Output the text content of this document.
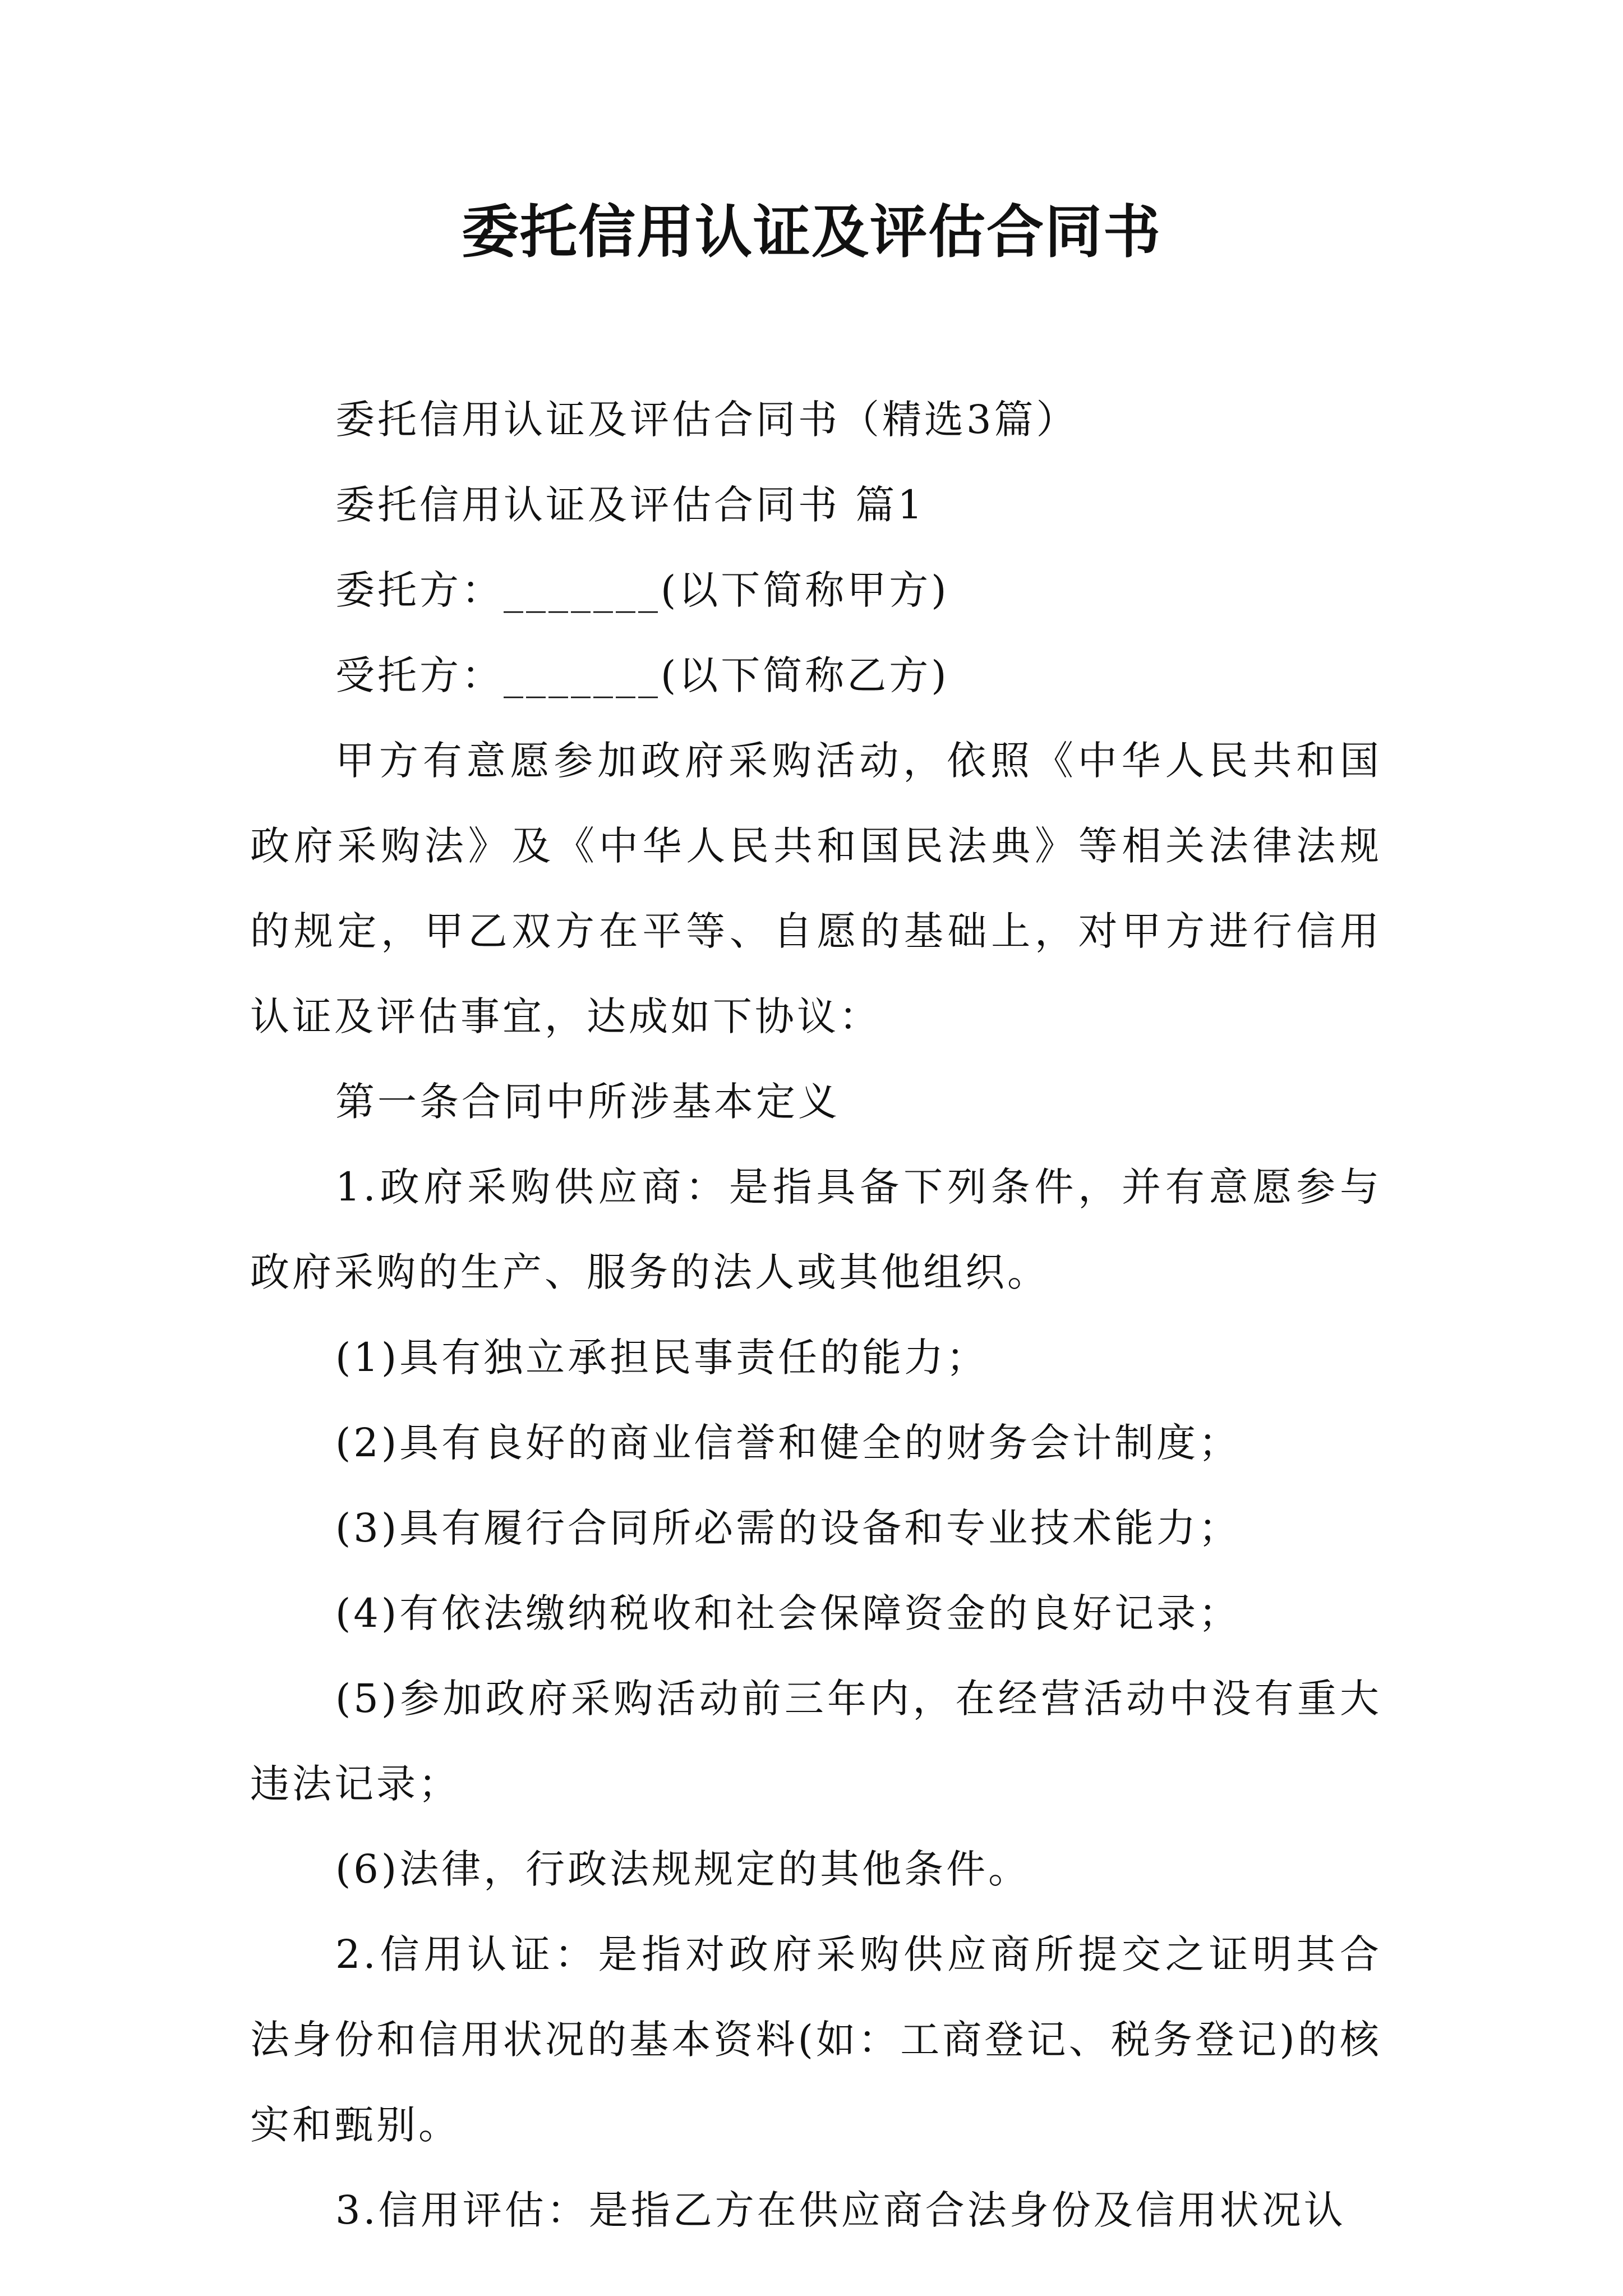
委托信用认证及评估合同书

委托信用认证及评估合同书（精选3篇）

委托信用认证及评估合同书 篇1

委托方：_______(以下简称甲方)

受托方：_______(以下简称乙方)

甲方有意愿参加政府采购活动，依照《中华人民共和国政府采购法》及《中华人民共和国民法典》等相关法律法规的规定，甲乙双方在平等、自愿的基础上，对甲方进行信用认证及评估事宜，达成如下协议：

第一条合同中所涉基本定义

1.政府采购供应商：是指具备下列条件，并有意愿参与政府采购的生产、服务的法人或其他组织。

(1)具有独立承担民事责任的能力；

(2)具有良好的商业信誉和健全的财务会计制度；

(3)具有履行合同所必需的设备和专业技术能力；

(4)有依法缴纳税收和社会保障资金的良好记录；

(5)参加政府采购活动前三年内，在经营活动中没有重大违法记录；

(6)法律，行政法规规定的其他条件。

2.信用认证：是指对政府采购供应商所提交之证明其合法身份和信用状况的基本资料(如：工商登记、税务登记)的核实和甄别。

3.信用评估：是指乙方在供应商合法身份及信用状况认
